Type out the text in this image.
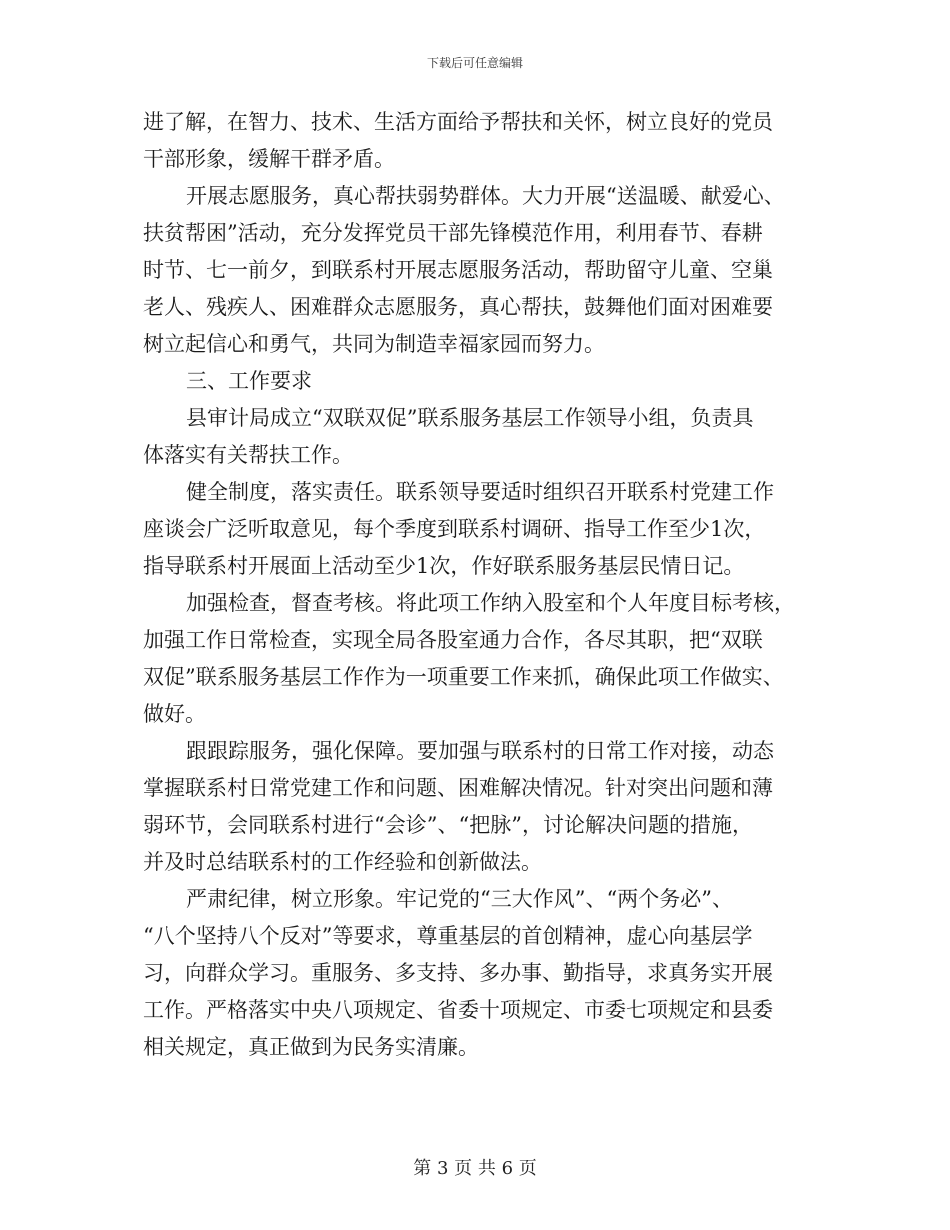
下载后可任意编辑
进了解，在智力、技术、生活方面给予帮扶和关怀，树立良好的党员
干部形象，缓解干群矛盾。
开展志愿服务，真心帮扶弱势群体。大力开展“送温暖、献爱心、
扶贫帮困”活动，充分发挥党员干部先锋模范作用，利用春节、春耕
时节、七一前夕，到联系村开展志愿服务活动，帮助留守儿童、空巢
老人、残疾人、困难群众志愿服务，真心帮扶，鼓舞他们面对困难要
树立起信心和勇气，共同为制造幸福家园而努力。
三、工作要求
县审计局成立“双联双促”联系服务基层工作领导小组，负责具
体落实有关帮扶工作。
健全制度，落实责任。联系领导要适时组织召开联系村党建工作
座谈会广泛听取意见，每个季度到联系村调研、指导工作至少1次，
指导联系村开展面上活动至少1次，作好联系服务基层民情日记。
加强检查，督查考核。将此项工作纳入股室和个人年度目标考核，
加强工作日常检查，实现全局各股室通力合作，各尽其职，把“双联
双促”联系服务基层工作作为一项重要工作来抓，确保此项工作做实、
做好。
跟跟踪服务，强化保障。要加强与联系村的日常工作对接，动态
掌握联系村日常党建工作和问题、困难解决情况。针对突出问题和薄
弱环节，会同联系村进行“会诊”、“把脉”，讨论解决问题的措施，
并及时总结联系村的工作经验和创新做法。
严肃纪律，树立形象。牢记党的“三大作风”、“两个务必”、
“八个坚持八个反对”等要求，尊重基层的首创精神，虚心向基层学
习，向群众学习。重服务、多支持、多办事、勤指导，求真务实开展
工作。严格落实中央八项规定、省委十项规定、市委七项规定和县委
相关规定，真正做到为民务实清廉。
第 3 页 共 6 页
